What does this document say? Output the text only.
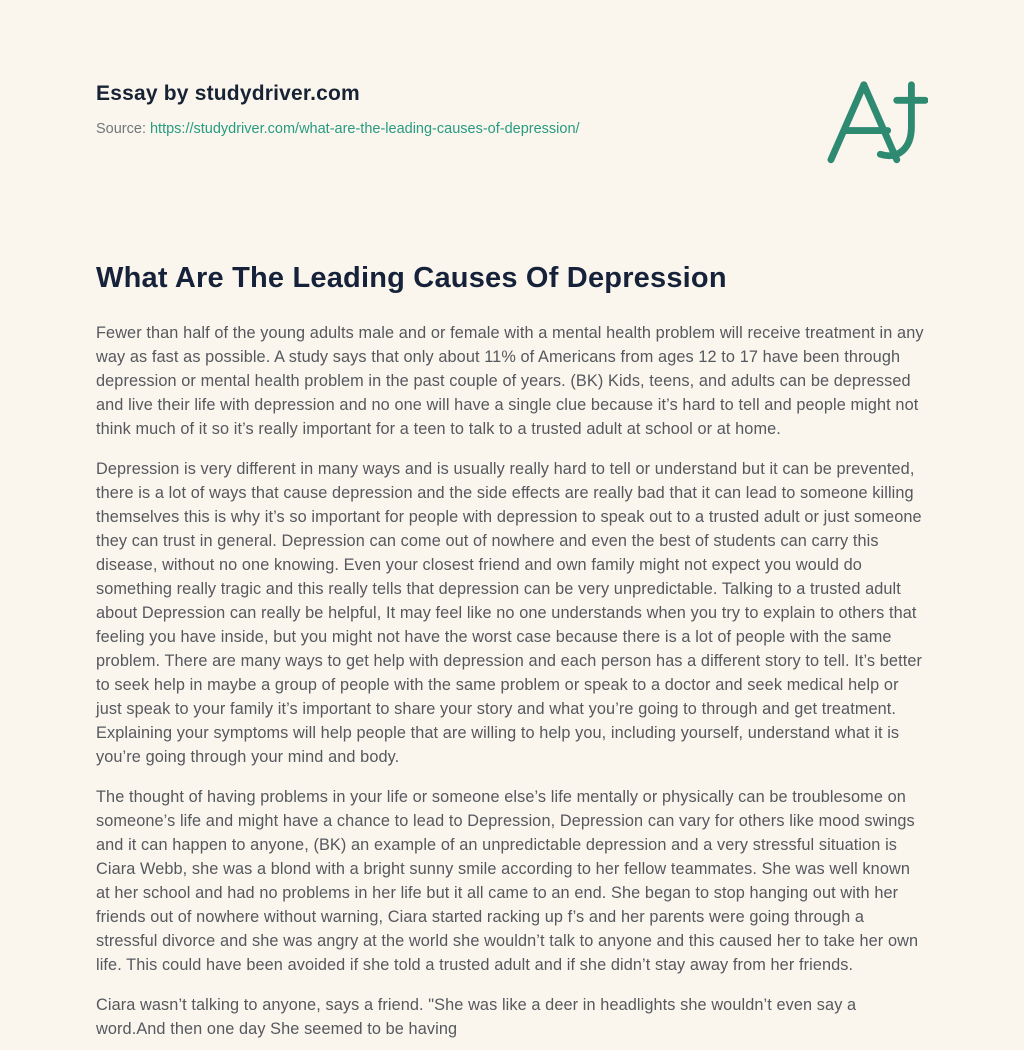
Essay by studydriver.com

Source: https://studydriver.com/what-are-the-leading-causes-of-depression/

What Are The Leading Causes Of Depression

Fewer than half of the young adults male and or female with a mental health problem will receive treatment in any way as fast as possible. A study says that only about 11% of Americans from ages 12 to 17 have been through depression or mental health problem in the past couple of years. (BK) Kids, teens, and adults can be depressed and live their life with depression and no one will have a single clue because it’s hard to tell and people might not think much of it so it’s really important for a teen to talk to a trusted adult at school or at home.

Depression is very different in many ways and is usually really hard to tell or understand but it can be prevented, there is a lot of ways that cause depression and the side effects are really bad that it can lead to someone killing themselves this is why it’s so important for people with depression to speak out to a trusted adult or just someone they can trust in general. Depression can come out of nowhere and even the best of students can carry this disease, without no one knowing. Even your closest friend and own family might not expect you would do something really tragic and this really tells that depression can be very unpredictable. Talking to a trusted adult about Depression can really be helpful, It may feel like no one understands when you try to explain to others that feeling you have inside, but you might not have the worst case because there is a lot of people with the same problem. There are many ways to get help with depression and each person has a different story to tell. It’s better to seek help in maybe a group of people with the same problem or speak to a doctor and seek medical help or just speak to your family it’s important to share your story and what you’re going to through and get treatment. Explaining your symptoms will help people that are willing to help you, including yourself, understand what it is you’re going through your mind and body.

The thought of having problems in your life or someone else’s life mentally or physically can be troublesome on someone’s life and might have a chance to lead to Depression, Depression can vary for others like mood swings and it can happen to anyone, (BK) an example of an unpredictable depression and a very stressful situation is Ciara Webb, she was a blond with a bright sunny smile according to her fellow teammates. She was well known at her school and had no problems in her life but it all came to an end. She began to stop hanging out with her friends out of nowhere without warning, Ciara started racking up f’s and her parents were going through a stressful divorce and she was angry at the world she wouldn’t talk to anyone and this caused her to take her own life. This could have been avoided if she told a trusted adult and if she didn’t stay away from her friends.

Ciara wasn’t talking to anyone, says a friend. "She was like a deer in headlights she wouldn’t even say a word.And then one day She seemed to be having
